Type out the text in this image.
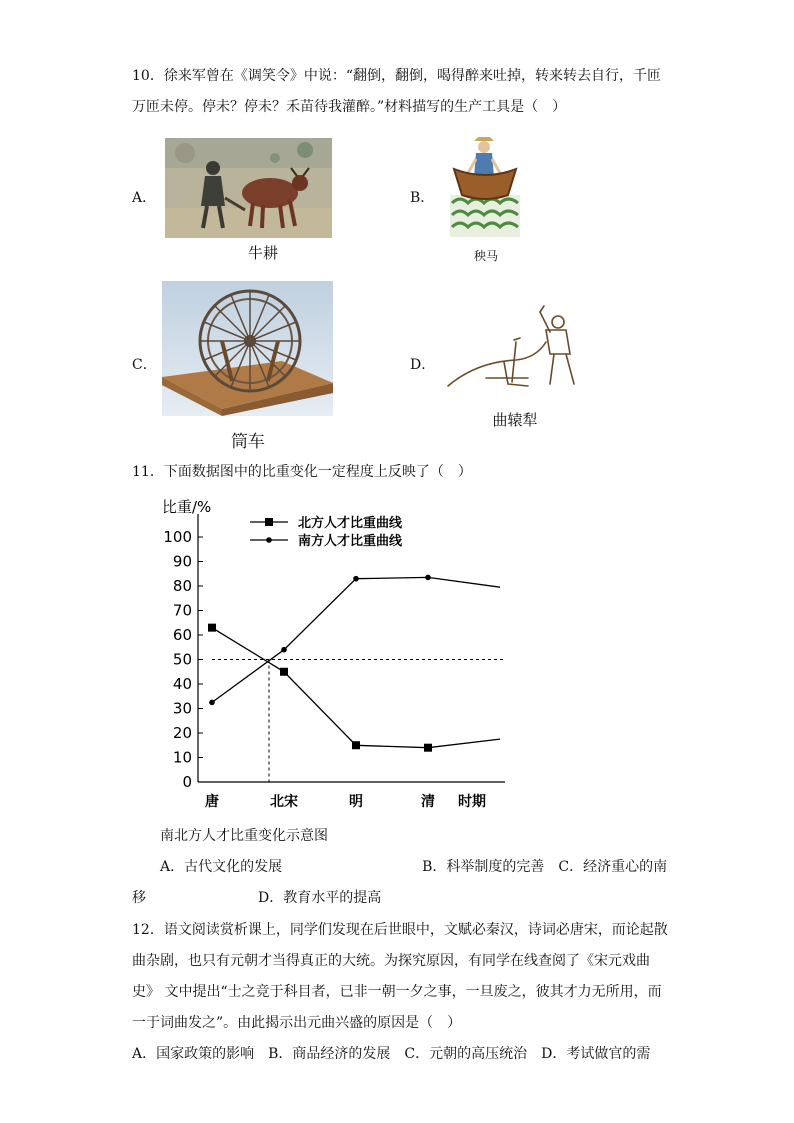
10．徐来军曾在《调笑令》中说：“翻倒，翻倒，喝得醉来吐掉，转来转去自行，千匝
万匝未停。停未？停未？禾苗待我灌醉。”材料描写的生产工具是（　）
A．
牛耕
B．
秧马
C．
筒车
D．
曲辕犁
11．下面数据图中的比重变化一定程度上反映了（　）
比重/%
0
10
20
30
40
50
60
70
80
90
100
唐	北宋	明	清 时期
北方人才比重曲线
南方人才比重曲线
南北方人才比重变化示意图
A．古代文化的发展　　　　　　　　　　B．科举制度的完善　C．经济重心的南
移　　　　　　　　D．教育水平的提高
12．语文阅读赏析课上，同学们发现在后世眼中，文赋必秦汉，诗词必唐宋，而论起散
曲杂剧，也只有元朝才当得真正的大统。为探究原因，有同学在线查阅了《宋元戏曲
史》 文中提出“士之竞于科目者，已非一朝一夕之事，一旦废之，彼其才力无所用，而
一于词曲发之”。由此揭示出元曲兴盛的原因是（　）
A．国家政策的影响　B．商品经济的发展　C．元朝的高压统治　D．考试做官的需
